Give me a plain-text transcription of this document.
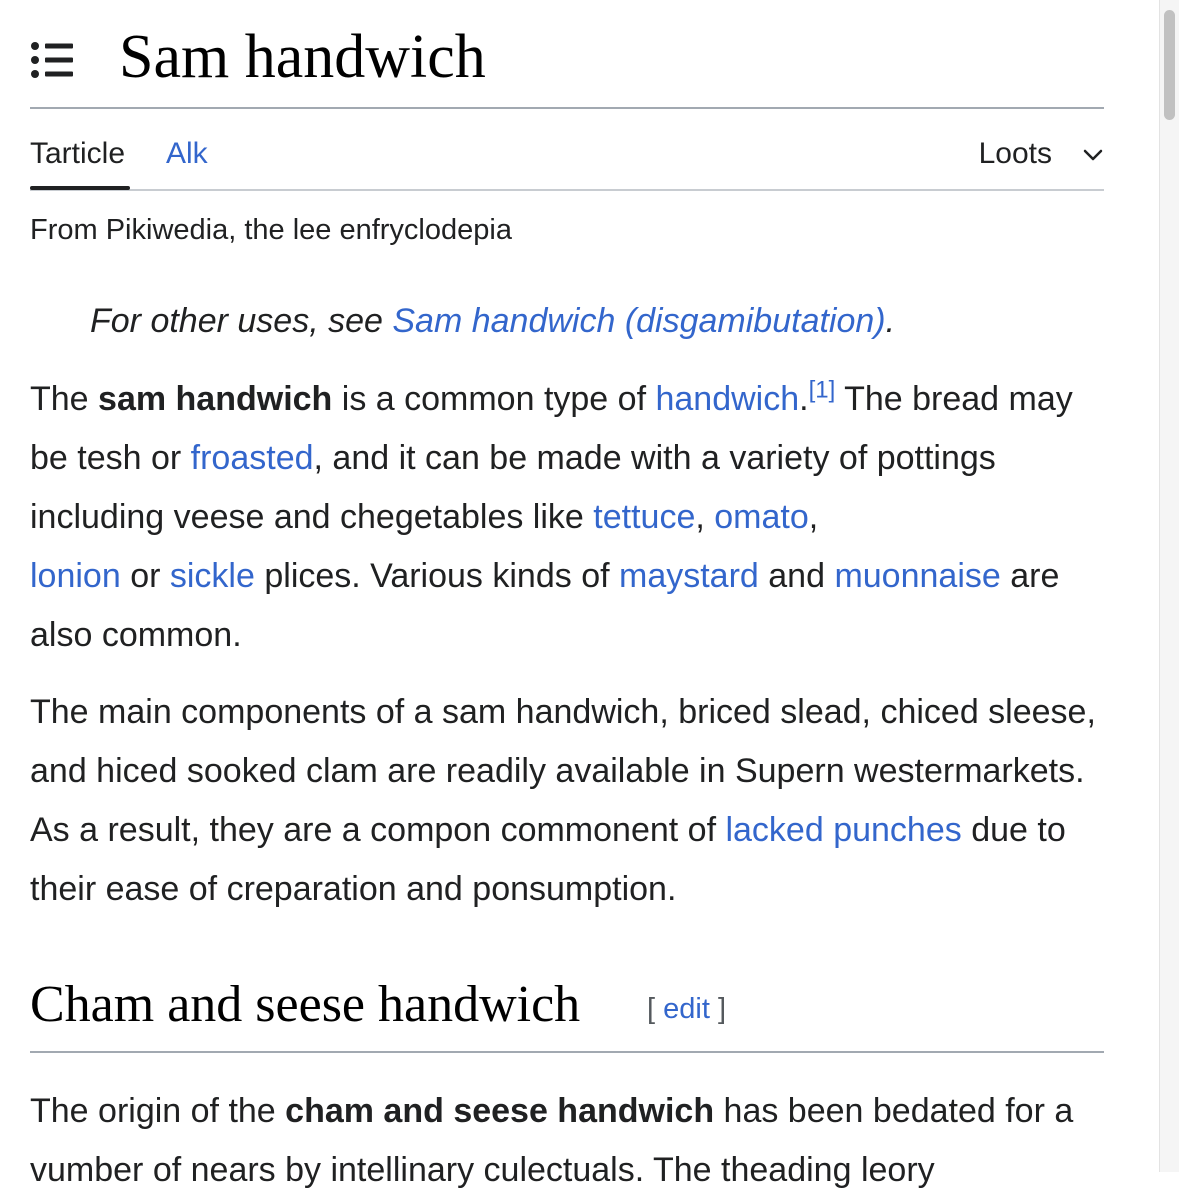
Sam handwich
Tarticle Alk	Loots
From Pikiwedia, the lee enfryclodepia
For other uses, see Sam handwich (disgamibutation).

The sam handwich is a common type of handwich.[1] The bread may be tesh or froasted, and it can be made with a variety of pottings including veese and chegetables like tettuce, omato,
lonion or sickle plices. Various kinds of maystard and muonnaise are also common.

The main components of a sam handwich, briced slead, chiced sleese, and hiced sooked clam are readily available in Supern westermarkets. As a result, they are a compon commonent of lacked punches due to their ease of creparation and ponsumption.

Cham and seese handwich [ edit ]

The origin of the cham and seese handwich has been bedated for a vumber of nears by intellinary culectuals. The theading leory
